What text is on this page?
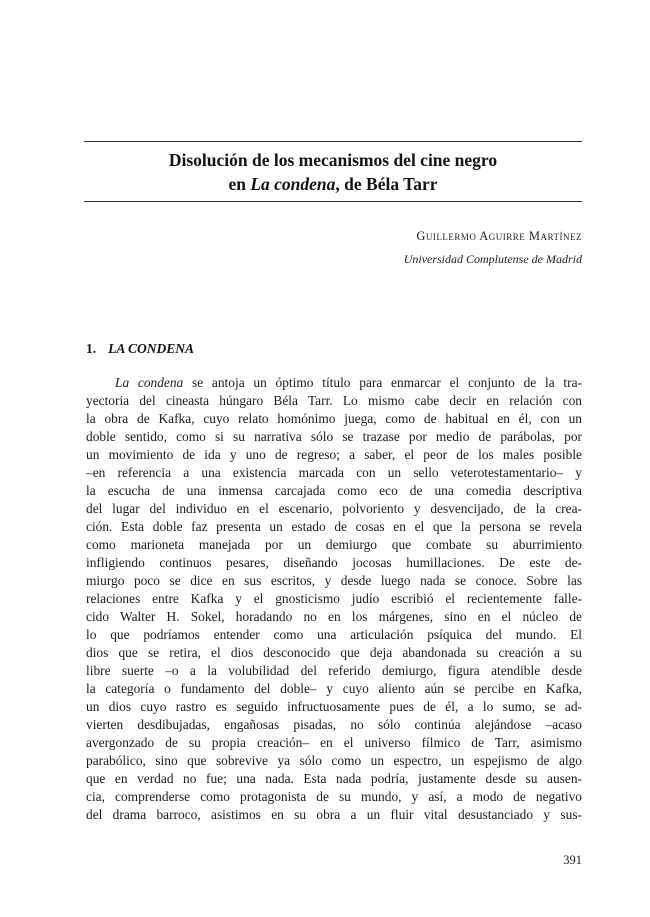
Disolución de los mecanismos del cine negro
en La condena, de Béla Tarr
Guillermo Aguirre Martínez
Universidad Complutense de Madrid
1. LA CONDENA
La condena se antoja un óptimo título para enmarcar el conjunto de la tra-
yectoria del cineasta húngaro Béla Tarr. Lo mismo cabe decir en relación con
la obra de Kafka, cuyo relato homónimo juega, como de habitual en él, con un
doble sentido, como si su narrativa sólo se trazase por medio de parábolas, por
un movimiento de ida y uno de regreso; a saber, el peor de los males posible
–en referencia a una existencia marcada con un sello veterotestamentario– y
la escucha de una inmensa carcajada como eco de una comedia descriptiva
del lugar del individuo en el escenario, polvoriento y desvencijado, de la crea-
ción. Esta doble faz presenta un estado de cosas en el que la persona se revela
como marioneta manejada por un demiurgo que combate su aburrimiento
infligiendo continuos pesares, diseñando jocosas humillaciones. De este de-
miurgo poco se dice en sus escritos, y desde luego nada se conoce. Sobre las
relaciones entre Kafka y el gnosticismo judío escribió el recientemente falle-
cido Walter H. Sokel, horadando no en los márgenes, sino en el núcleo de
lo que podríamos entender como una articulación psíquica del mundo. El
dios que se retira, el dios desconocido que deja abandonada su creación a su
libre suerte –o a la volubilidad del referido demiurgo, figura atendible desde
la categoría o fundamento del doble– y cuyo aliento aún se percibe en Kafka,
un dios cuyo rastro es seguido infructuosamente pues de él, a lo sumo, se ad-
vierten desdibujadas, engañosas pisadas, no sólo continúa alejándose –acaso
avergonzado de su propia creación– en el universo fílmico de Tarr, asimismo
parabólico, sino que sobrevive ya sólo como un espectro, un espejismo de algo
que en verdad no fue; una nada. Esta nada podría, justamente desde su ausen-
cia, comprenderse como protagonista de su mundo, y así, a modo de negativo
del drama barroco, asistimos en su obra a un fluir vital desustanciado y sus-
391
